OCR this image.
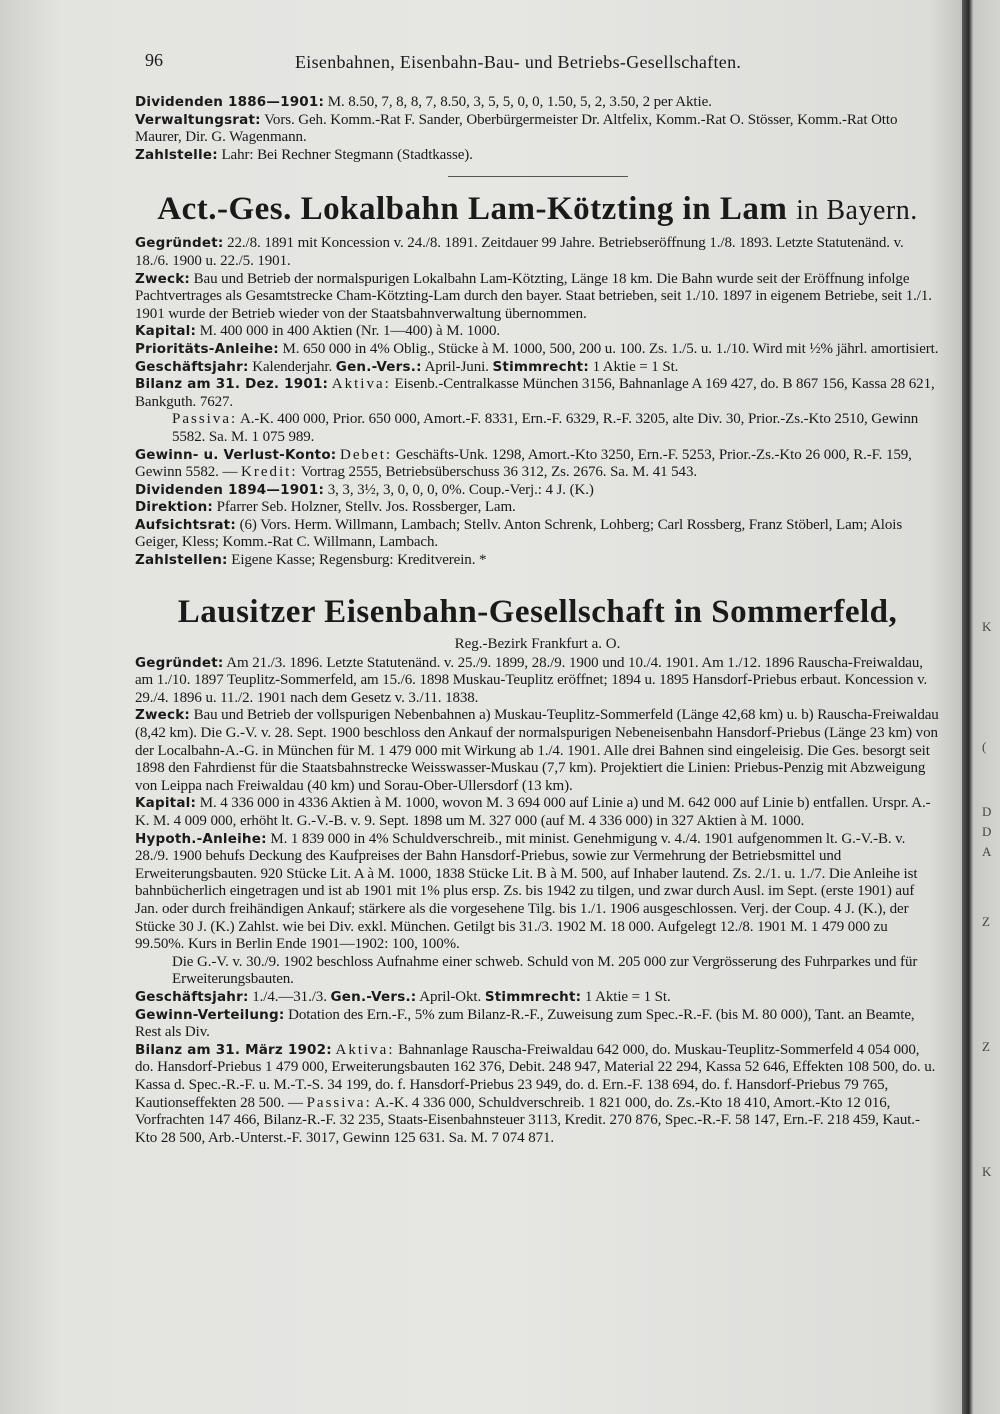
K
(
D
D
A
Z
Z
K
96	Eisenbahnen, Eisenbahn-Bau- und Betriebs-Gesellschaften.

Dividenden 1886—1901: M. 8.50, 7, 8, 8, 7, 8.50, 3, 5, 5, 0, 0, 1.50, 5, 2, 3.50, 2 per Aktie.

Verwaltungsrat: Vors. Geh. Komm.-Rat F. Sander, Oberbürgermeister Dr. Altfelix, Komm.-Rat O. Stösser, Komm.-Rat Otto Maurer, Dir. G. Wagenmann.

Zahlstelle: Lahr: Bei Rechner Stegmann (Stadtkasse).

Act.-Ges. Lokalbahn Lam-Kötzting in Lam in Bayern.

Gegründet: 22./8. 1891 mit Koncession v. 24./8. 1891. Zeitdauer 99 Jahre. Betriebseröffnung 1./8. 1893. Letzte Statutenänd. v. 18./6. 1900 u. 22./5. 1901.

Zweck: Bau und Betrieb der normalspurigen Lokalbahn Lam-Kötzting, Länge 18 km. Die Bahn wurde seit der Eröffnung infolge Pachtvertrages als Gesamtstrecke Cham-Kötzting-Lam durch den bayer. Staat betrieben, seit 1./10. 1897 in eigenem Betriebe, seit 1./1. 1901 wurde der Betrieb wieder von der Staatsbahnverwaltung übernommen.

Kapital: M. 400 000 in 400 Aktien (Nr. 1—400) à M. 1000.

Prioritäts-Anleihe: M. 650 000 in 4% Oblig., Stücke à M. 1000, 500, 200 u. 100. Zs. 1./5. u. 1./10. Wird mit ½% jährl. amortisiert.

Geschäftsjahr: Kalenderjahr. Gen.-Vers.: April-Juni. Stimmrecht: 1 Aktie = 1 St.

Bilanz am 31. Dez. 1901: Aktiva: Eisenb.-Centralkasse München 3156, Bahnanlage A 169 427, do. B 867 156, Kassa 28 621, Bankguth. 7627.

Passiva: A.-K. 400 000, Prior. 650 000, Amort.-F. 8331, Ern.-F. 6329, R.-F. 3205, alte Div. 30, Prior.-Zs.-Kto 2510, Gewinn 5582. Sa. M. 1 075 989.

Gewinn- u. Verlust-Konto: Debet: Geschäfts-Unk. 1298, Amort.-Kto 3250, Ern.-F. 5253, Prior.-Zs.-Kto 26 000, R.-F. 159, Gewinn 5582. — Kredit: Vortrag 2555, Betriebsüberschuss 36 312, Zs. 2676. Sa. M. 41 543.

Dividenden 1894—1901: 3, 3, 3½, 3, 0, 0, 0, 0%. Coup.-Verj.: 4 J. (K.)

Direktion: Pfarrer Seb. Holzner, Stellv. Jos. Rossberger, Lam.

Aufsichtsrat: (6) Vors. Herm. Willmann, Lambach; Stellv. Anton Schrenk, Lohberg; Carl Rossberg, Franz Stöberl, Lam; Alois Geiger, Kless; Komm.-Rat C. Willmann, Lambach.

Zahlstellen: Eigene Kasse; Regensburg: Kreditverein. *

Lausitzer Eisenbahn-Gesellschaft in Sommerfeld,

Reg.-Bezirk Frankfurt a. O.

Gegründet: Am 21./3. 1896. Letzte Statutenänd. v. 25./9. 1899, 28./9. 1900 und 10./4. 1901. Am 1./12. 1896 Rauscha-Freiwaldau, am 1./10. 1897 Teuplitz-Sommerfeld, am 15./6. 1898 Muskau-Teuplitz eröffnet; 1894 u. 1895 Hansdorf-Priebus erbaut. Koncession v. 29./4. 1896 u. 11./2. 1901 nach dem Gesetz v. 3./11. 1838.

Zweck: Bau und Betrieb der vollspurigen Nebenbahnen a) Muskau-Teuplitz-Sommerfeld (Länge 42,68 km) u. b) Rauscha-Freiwaldau (8,42 km). Die G.-V. v. 28. Sept. 1900 beschloss den Ankauf der normalspurigen Nebeneisenbahn Hansdorf-Priebus (Länge 23 km) von der Localbahn-A.-G. in München für M. 1 479 000 mit Wirkung ab 1./4. 1901. Alle drei Bahnen sind eingeleisig. Die Ges. besorgt seit 1898 den Fahrdienst für die Staatsbahnstrecke Weisswasser-Muskau (7,7 km). Projektiert die Linien: Priebus-Penzig mit Abzweigung von Leippa nach Freiwaldau (40 km) und Sorau-Ober-Ullersdorf (13 km).

Kapital: M. 4 336 000 in 4336 Aktien à M. 1000, wovon M. 3 694 000 auf Linie a) und M. 642 000 auf Linie b) entfallen. Urspr. A.-K. M. 4 009 000, erhöht lt. G.-V.-B. v. 9. Sept. 1898 um M. 327 000 (auf M. 4 336 000) in 327 Aktien à M. 1000.

Hypoth.-Anleihe: M. 1 839 000 in 4% Schuldverschreib., mit minist. Genehmigung v. 4./4. 1901 aufgenommen lt. G.-V.-B. v. 28./9. 1900 behufs Deckung des Kaufpreises der Bahn Hansdorf-Priebus, sowie zur Vermehrung der Betriebsmittel und Erweiterungsbauten. 920 Stücke Lit. A à M. 1000, 1838 Stücke Lit. B à M. 500, auf Inhaber lautend. Zs. 2./1. u. 1./7. Die Anleihe ist bahnbücherlich eingetragen und ist ab 1901 mit 1% plus ersp. Zs. bis 1942 zu tilgen, und zwar durch Ausl. im Sept. (erste 1901) auf Jan. oder durch freihändigen Ankauf; stärkere als die vorgesehene Tilg. bis 1./1. 1906 ausgeschlossen. Verj. der Coup. 4 J. (K.), der Stücke 30 J. (K.) Zahlst. wie bei Div. exkl. München. Getilgt bis 31./3. 1902 M. 18 000. Aufgelegt 12./8. 1901 M. 1 479 000 zu 99.50%. Kurs in Berlin Ende 1901—1902: 100, 100%.

Die G.-V. v. 30./9. 1902 beschloss Aufnahme einer schweb. Schuld von M. 205 000 zur Vergrösserung des Fuhrparkes und für Erweiterungsbauten.

Geschäftsjahr: 1./4.—31./3. Gen.-Vers.: April-Okt. Stimmrecht: 1 Aktie = 1 St.

Gewinn-Verteilung: Dotation des Ern.-F., 5% zum Bilanz-R.-F., Zuweisung zum Spec.-R.-F. (bis M. 80 000), Tant. an Beamte, Rest als Div.

Bilanz am 31. März 1902: Aktiva: Bahnanlage Rauscha-Freiwaldau 642 000, do. Muskau-Teuplitz-Sommerfeld 4 054 000, do. Hansdorf-Priebus 1 479 000, Erweiterungsbauten 162 376, Debit. 248 947, Material 22 294, Kassa 52 646, Effekten 108 500, do. u. Kassa d. Spec.-R.-F. u. M.-T.-S. 34 199, do. f. Hansdorf-Priebus 23 949, do. d. Ern.-F. 138 694, do. f. Hansdorf-Priebus 79 765, Kautionseffekten 28 500. — Passiva: A.-K. 4 336 000, Schuldverschreib. 1 821 000, do. Zs.-Kto 18 410, Amort.-Kto 12 016, Vorfrachten 147 466, Bilanz-R.-F. 32 235, Staats-Eisenbahnsteuer 3113, Kredit. 270 876, Spec.-R.-F. 58 147, Ern.-F. 218 459, Kaut.-Kto 28 500, Arb.-Unterst.-F. 3017, Gewinn 125 631. Sa. M. 7 074 871.
